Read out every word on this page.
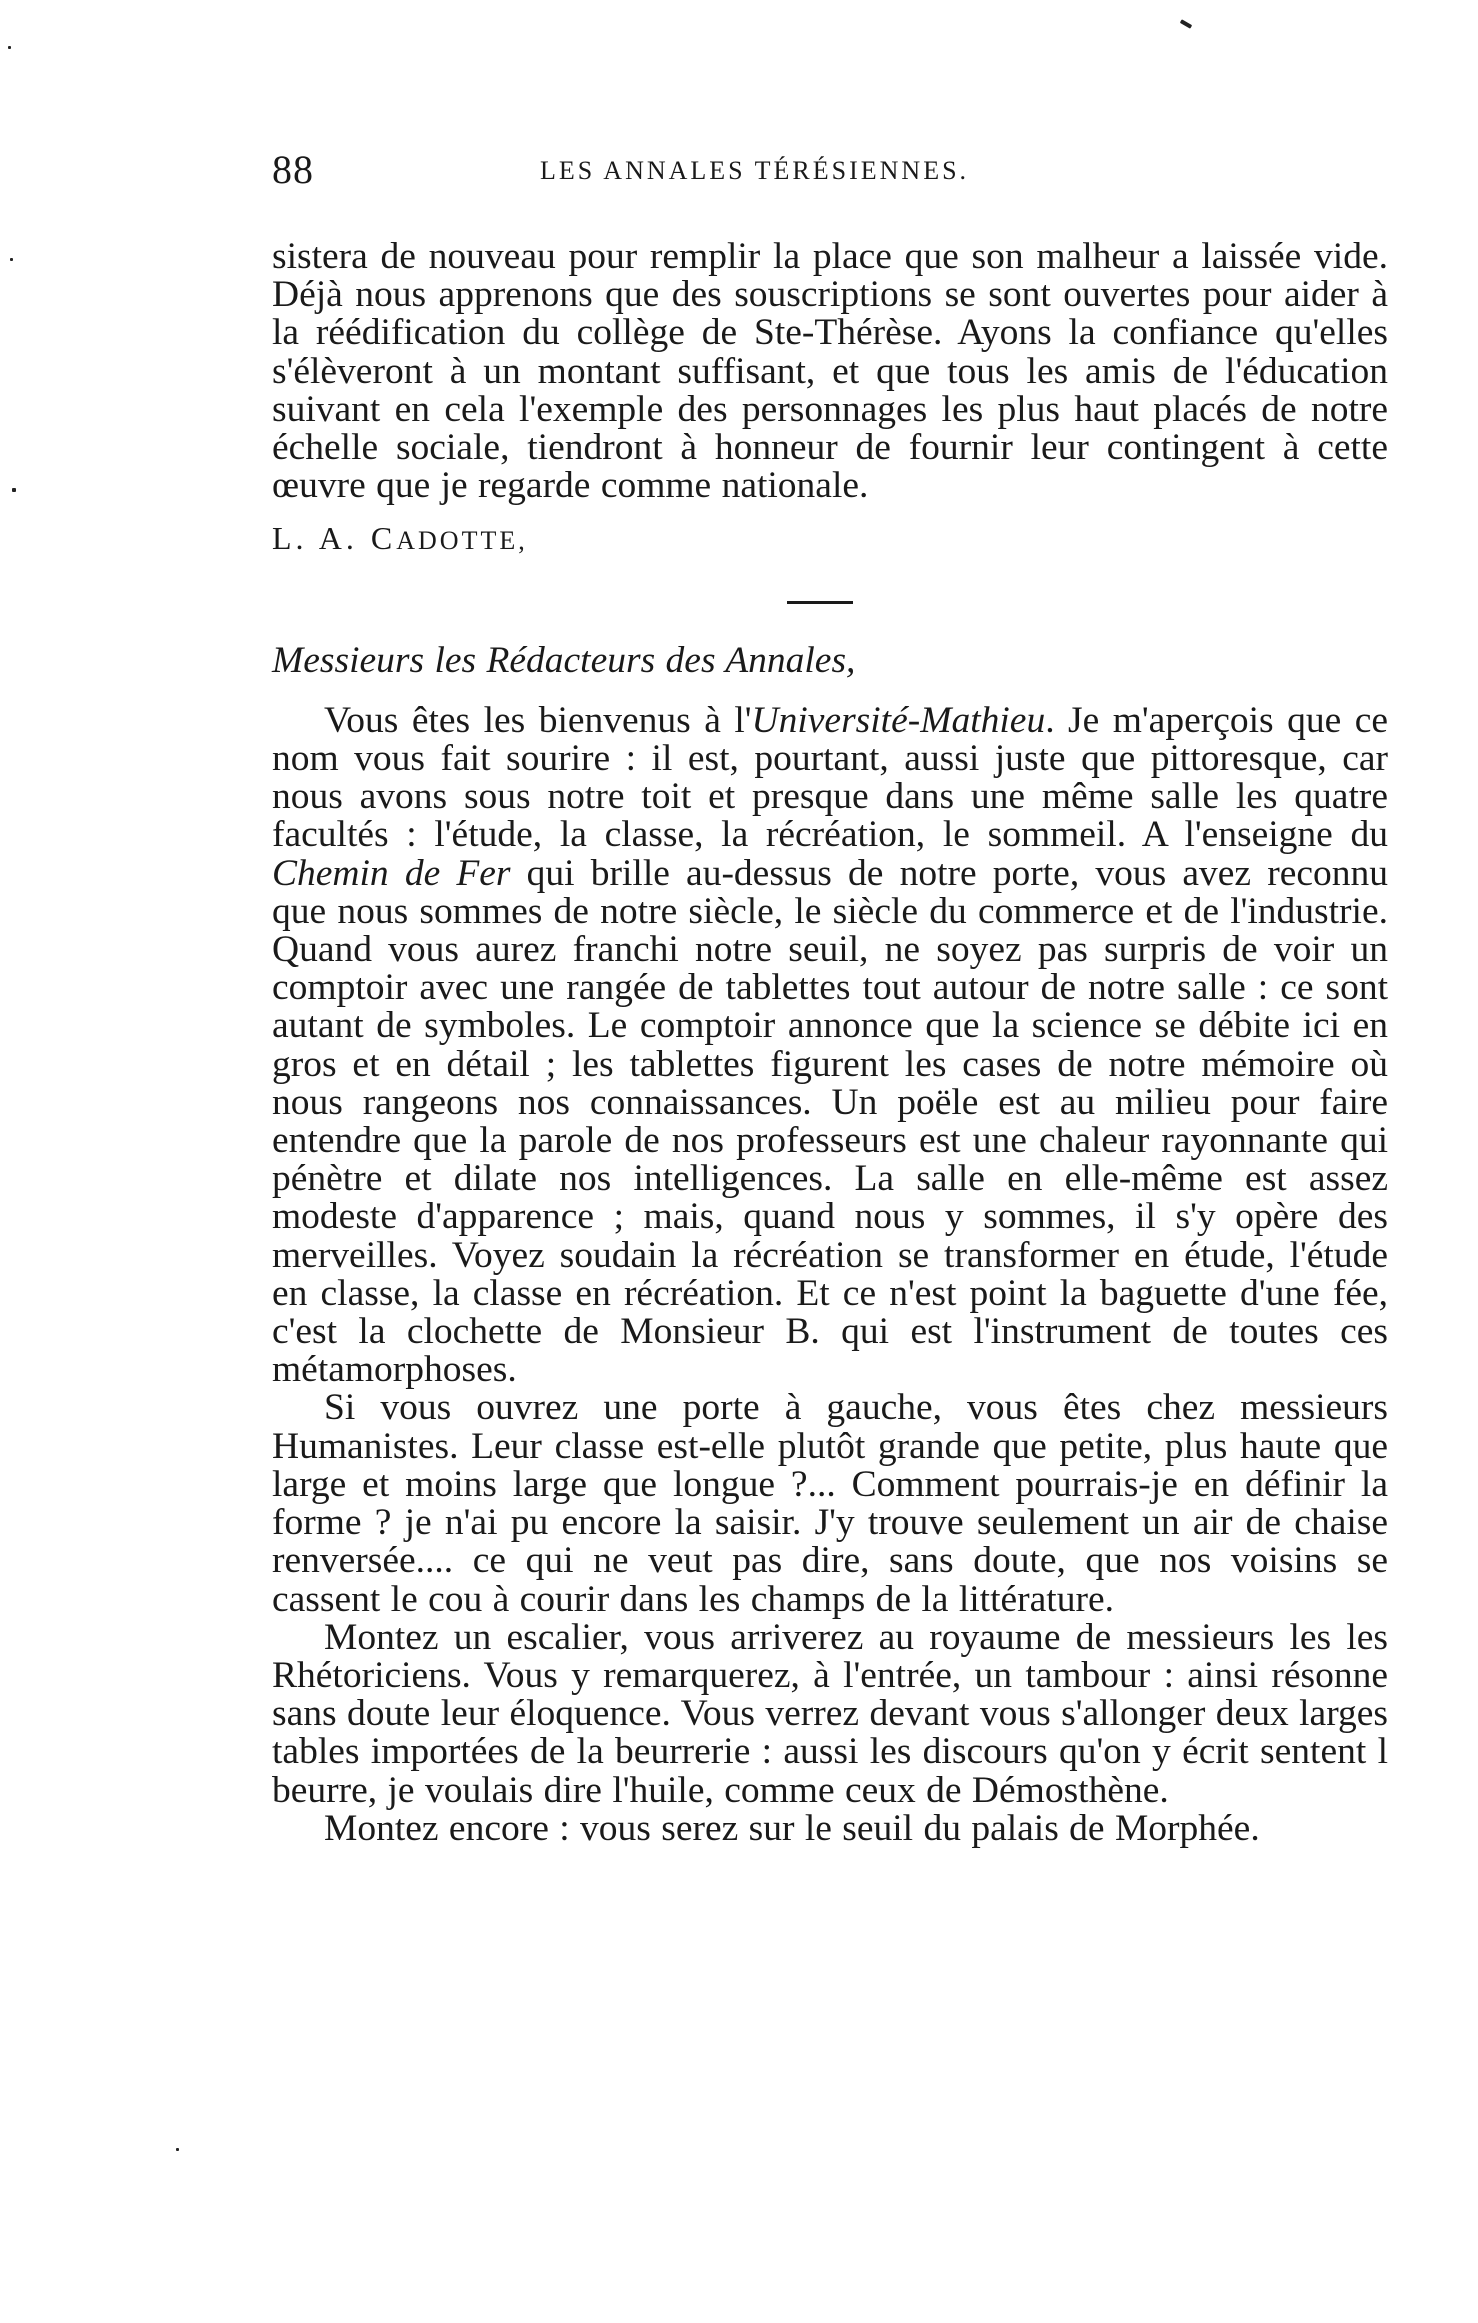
88	LES ANNALES TÉRÉSIENNES.

sistera de nouveau pour remplir la place que son malheur a laissée vide. Déjà nous apprenons que des souscriptions se sont ouvertes pour aider à la réédification du collège de Ste-Thérèse. Ayons la confiance qu'elles s'élèveront à un montant suffisant, et que tous les amis de l'éducation suivant en cela l'exemple des personnages les plus haut placés de notre échelle sociale, tiendront à honneur de fournir leur contingent à cette œuvre que je regarde comme nationale.

L. A. CADOTTE,

Messieurs les Rédacteurs des Annales,

Vous êtes les bienvenus à l'Université-Mathieu. Je m'aperçois que ce nom vous fait sourire : il est, pourtant, aussi juste que pittoresque, car nous avons sous notre toit et presque dans une même salle les quatre facultés : l'étude, la classe, la récréation, le sommeil. A l'enseigne du Chemin de Fer qui brille au-dessus de notre porte, vous avez reconnu que nous sommes de notre siècle, le siècle du commerce et de l'industrie. Quand vous aurez franchi notre seuil, ne soyez pas surpris de voir un comptoir avec une rangée de tablettes tout autour de notre salle : ce sont autant de symboles. Le comptoir annonce que la science se débite ici en gros et en détail ; les tablettes figurent les cases de notre mémoire où nous rangeons nos connaissances. Un poële est au milieu pour faire entendre que la parole de nos professeurs est une chaleur rayonnante qui pénètre et dilate nos intelligences. La salle en elle-même est assez modeste d'apparence ; mais, quand nous y sommes, il s'y opère des merveilles. Voyez soudain la récréation se transformer en étude, l'étude en classe, la classe en récréation. Et ce n'est point la baguette d'une fée, c'est la clochette de Monsieur B. qui est l'instrument de toutes ces métamorphoses.

Si vous ouvrez une porte à gauche, vous êtes chez messieurs Humanistes. Leur classe est-elle plutôt grande que petite, plus haute que large et moins large que longue ?... Comment pourrais-je en définir la forme ? je n'ai pu encore la saisir. J'y trouve seulement un air de chaise renversée.... ce qui ne veut pas dire, sans doute, que nos voisins se cassent le cou à courir dans les champs de la littérature.

Montez un escalier, vous arriverez au royaume de messieurs les les Rhétoriciens. Vous y remarquerez, à l'entrée, un tambour : ainsi résonne sans doute leur éloquence. Vous verrez devant vous s'allonger deux larges tables importées de la beurrerie : aussi les discours qu'on y écrit sentent l beurre, je voulais dire l'huile, comme ceux de Démosthène.

Montez encore : vous serez sur le seuil du palais de Morphée.
